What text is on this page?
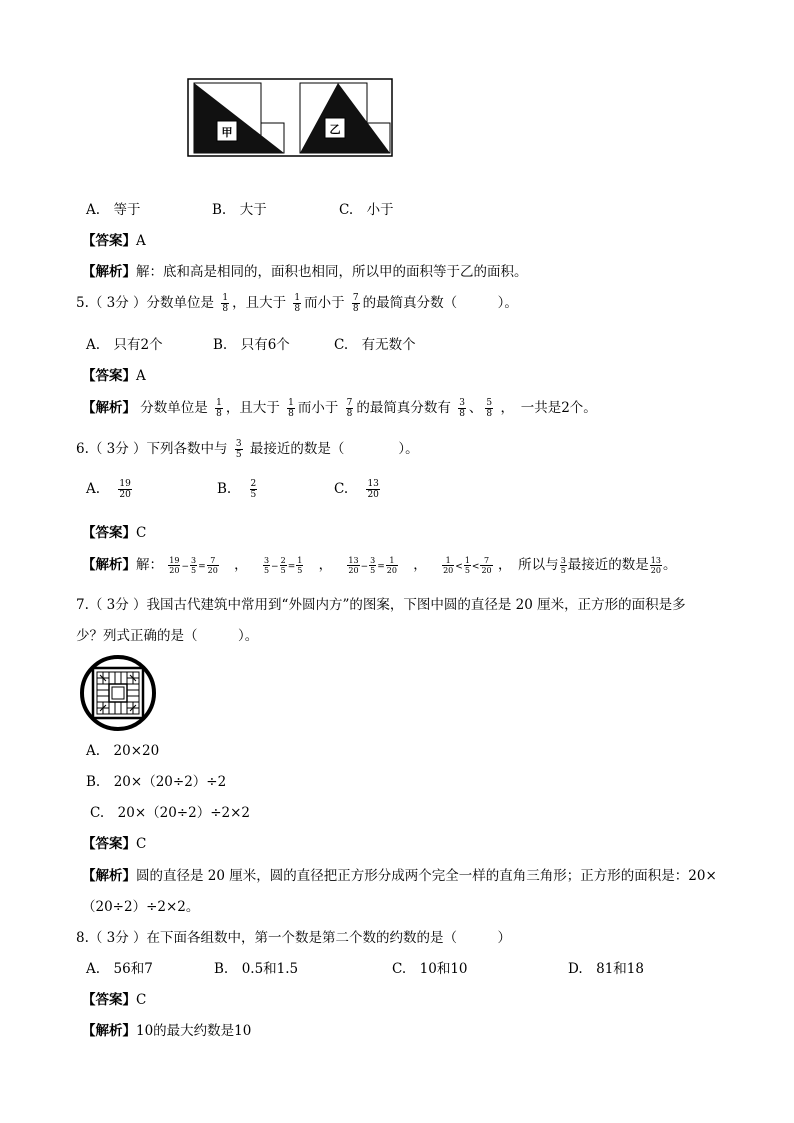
甲	乙
A.　等于	B.　大于	C.　小于
【答案】A
【解析】解：底和高是相同的，面积也相同，所以甲的面积等于乙的面积。
5.（ 3分 ）分数单位是 $\frac{1}{8}$ ，且大于 $\frac{1}{8}$ 而小于 $\frac{7}{8}$ 的最简真分数（　　　）。
A.　只有2个	B.　只有6个	C.　有无数个
【答案】A
【解析】 分数单位是 $\frac{1}{8}$ ，且大于 $\frac{1}{8}$ 而小于 $\frac{7}{8}$ 的最简真分数有 $\frac{3}{8}$ 、 $\frac{5}{8}$ ，　一共是2个。
6.（ 3分 ）下列各数中与 $\frac{3}{5}$ 最接近的数是（　　　　）。
A. $\frac{19}{20}$	B. $\frac{2}{5}$	C. $\frac{13}{20}$
【答案】C
【解析】解： $\frac{19}{20} - \frac{3}{5} = \frac{7}{20}$ ， $\frac{3}{5} - \frac{2}{5} = \frac{1}{5}$ ， $\frac{13}{20} - \frac{3}{5} = \frac{1}{20}$ ， $\frac{1}{20} < \frac{1}{5} < \frac{7}{20}$ ，　所以与 $\frac{3}{5}$ 最接近的数是 $\frac{13}{20}$ 。
7.（ 3分 ）我国古代建筑中常用到“外圆内方”的图案，下图中圆的直径是 20 厘米，正方形的面积是多
少？列式正确的是（　　　）。
A.　20×20
B.　20×（20÷2）÷2
C.　20×（20÷2）÷2×2
【答案】C
【解析】圆的直径是 20 厘米，圆的直径把正方形分成两个完全一样的直角三角形；正方形的面积是：20×
（20÷2）÷2×2。
8.（ 3分 ）在下面各组数中，第一个数是第二个数的约数的是（　　　）
A.　56和7	B.　0.5和1.5	C.　10和10	D.　81和18
【答案】C
【解析】10的最大约数是10
